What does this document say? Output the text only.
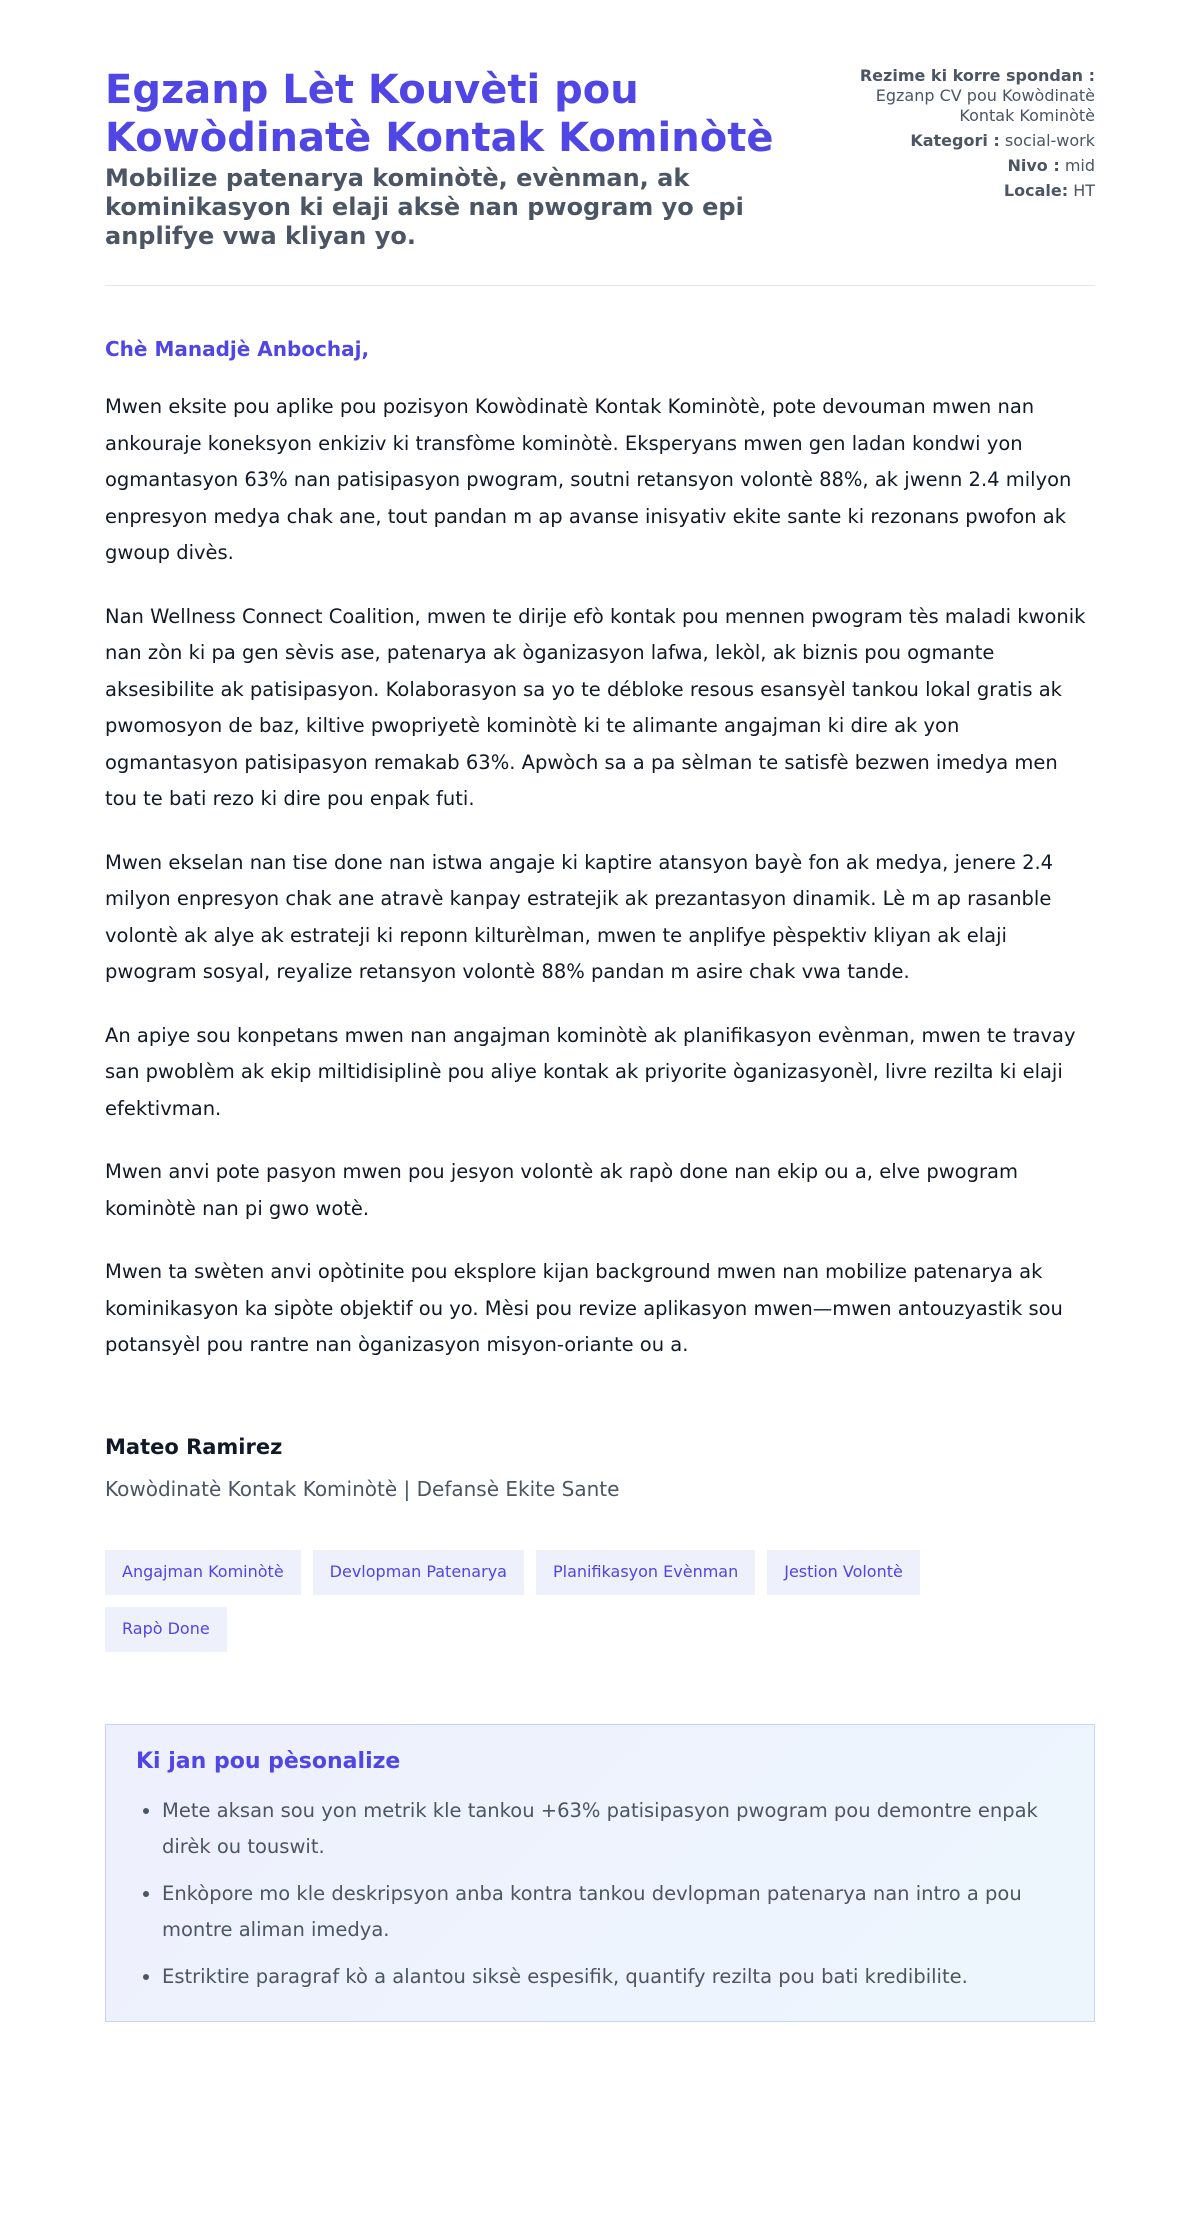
Egzanp Lèt Kouvèti pou Kowòdinatè Kontak Kominòtè

Mobilize patenarya kominòtè, evènman, ak kominikasyon ki elaji aksè nan pwogram yo epi anplifye vwa kliyan yo.

Rezime ki korre spondan :
Egzanp CV pou Kowòdinatè Kontak Kominòtè
Kategori : social-work
Nivo : mid
Locale: HT

Chè Manadjè Anbochaj,

Mwen eksite pou aplike pou pozisyon Kowòdinatè Kontak Kominòtè, pote devouman mwen nan ankouraje koneksyon enkiziv ki transfòme kominòtè. Eksperyans mwen gen ladan kondwi yon ogmantasyon 63% nan patisipasyon pwogram, soutni retansyon volontè 88%, ak jwenn 2.4 milyon enpresyon medya chak ane, tout pandan m ap avanse inisyativ ekite sante ki rezonans pwofon ak gwoup divès.

Nan Wellness Connect Coalition, mwen te dirije efò kontak pou mennen pwogram tès maladi kwonik nan zòn ki pa gen sèvis ase, patenarya ak òganizasyon lafwa, lekòl, ak biznis pou ogmante aksesibilite ak patisipasyon. Kolaborasyon sa yo te débloke resous esansyèl tankou lokal gratis ak pwomosyon de baz, kiltive pwopriyetè kominòtè ki te alimante angajman ki dire ak yon ogmantasyon patisipasyon remakab 63%. Apwòch sa a pa sèlman te satisfè bezwen imedya men tou te bati rezo ki dire pou enpak futi.

Mwen ekselan nan tise done nan istwa angaje ki kaptire atansyon bayè fon ak medya, jenere 2.4 milyon enpresyon chak ane atravè kanpay estratejik ak prezantasyon dinamik. Lè m ap rasanble volontè ak alye ak estrateji ki reponn kilturèlman, mwen te anplifye pèspektiv kliyan ak elaji pwogram sosyal, reyalize retansyon volontè 88% pandan m asire chak vwa tande.

An apiye sou konpetans mwen nan angajman kominòtè ak planifikasyon evènman, mwen te travay san pwoblèm ak ekip miltidisiplinè pou aliye kontak ak priyorite òganizasyonèl, livre rezilta ki elaji efektivman.

Mwen anvi pote pasyon mwen pou jesyon volontè ak rapò done nan ekip ou a, elve pwogram kominòtè nan pi gwo wotè.

Mwen ta swèten anvi opòtinite pou eksplore kijan background mwen nan mobilize patenarya ak kominikasyon ka sipòte objektif ou yo. Mèsi pou revize aplikasyon mwen—mwen antouzyastik sou potansyèl pou rantre nan òganizasyon misyon-oriante ou a.

Mateo Ramirez

Kowòdinatè Kontak Kominòtè | Defansè Ekite Sante

Angajman Kominòtè	Devlopman Patenarya	Planifikasyon Evènman	Jestion Volontè
Rapò Done
Ki jan pou pèsonalize
• Mete aksan sou yon metrik kle tankou +63% patisipasyon pwogram pou demontre enpak dirèk ou touswit.
• Enkòpore mo kle deskripsyon anba kontra tankou devlopman patenarya nan intro a pou montre aliman imedya.
• Estriktire paragraf kò a alantou siksè espesifik, quantify rezilta pou bati kredibilite.
